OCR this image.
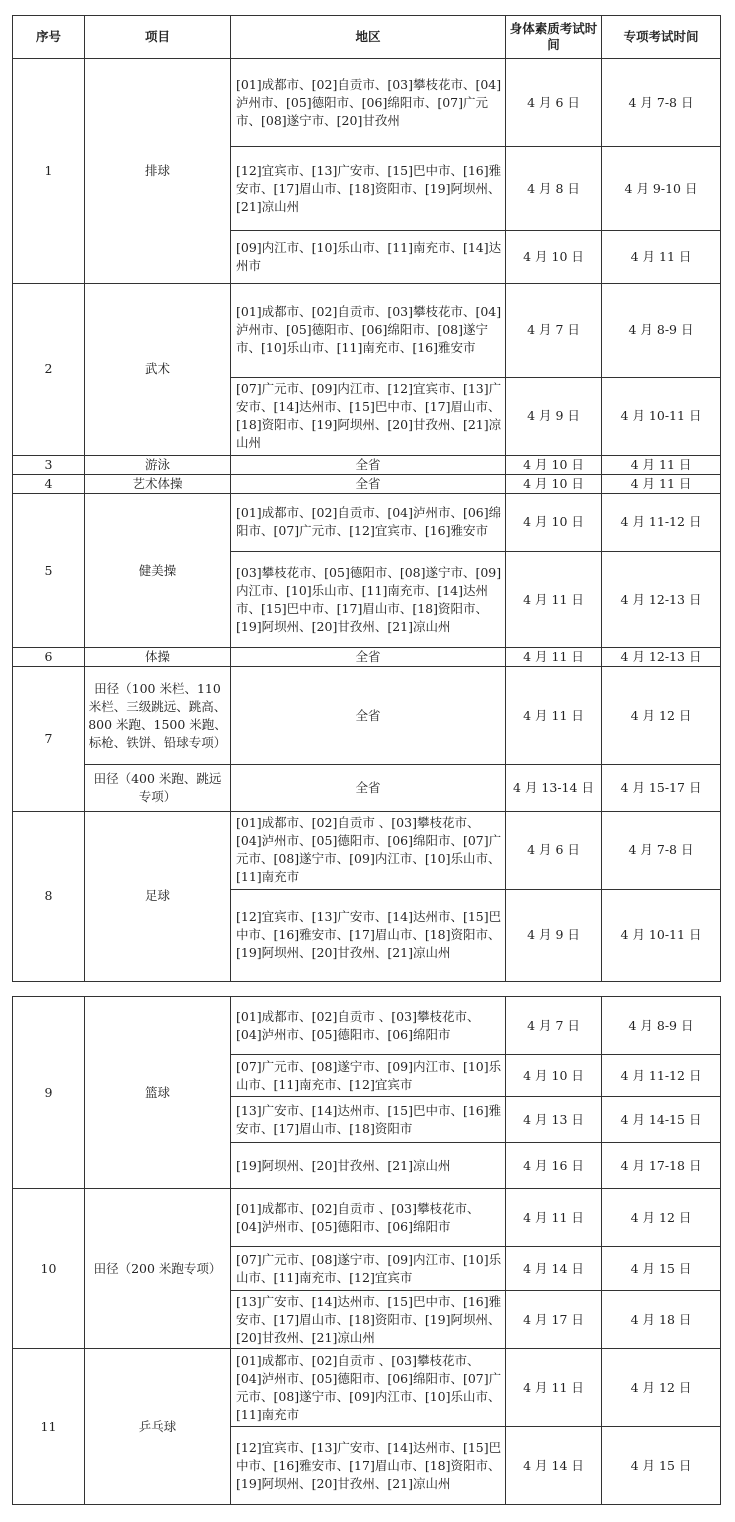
序号	项目	地区	身体素质考试时间	专项考试时间
1	排球	[01]成都市、[02]自贡市、[03]攀枝花市、[04]泸州市、[05]德阳市、[06]绵阳市、[07]广元市、[08]遂宁市、[20]甘孜州	4 月 6 日	4 月 7-8 日
		[12]宜宾市、[13]广安市、[15]巴中市、[16]雅安市、[17]眉山市、[18]资阳市、[19]阿坝州、[21]凉山州	4 月 8 日	4 月 9-10 日
		[09]内江市、[10]乐山市、[11]南充市、[14]达州市	4 月 10 日	4 月 11 日
2	武术	[01]成都市、[02]自贡市、[03]攀枝花市、[04]泸州市、[05]德阳市、[06]绵阳市、[08]遂宁市、[10]乐山市、[11]南充市、[16]雅安市	4 月 7 日	4 月 8-9 日
		[07]广元市、[09]内江市、[12]宜宾市、[13]广安市、[14]达州市、[15]巴中市、[17]眉山市、[18]资阳市、[19]阿坝州、[20]甘孜州、[21]凉山州	4 月 9 日	4 月 10-11 日
3	游泳	全省	4 月 10 日	4 月 11 日
4	艺术体操	全省	4 月 10 日	4 月 11 日
5	健美操	[01]成都市、[02]自贡市、[04]泸州市、[06]绵阳市、[07]广元市、[12]宜宾市、[16]雅安市	4 月 10 日	4 月 11-12 日
		[03]攀枝花市、[05]德阳市、[08]遂宁市、[09]内江市、[10]乐山市、[11]南充市、[14]达州市、[15]巴中市、[17]眉山市、[18]资阳市、[19]阿坝州、[20]甘孜州、[21]凉山州	4 月 11 日	4 月 12-13 日
6	体操	全省	4 月 11 日	4 月 12-13 日
7	田径（100 米栏、110 米栏、三级跳远、跳高、800 米跑、1500 米跑、标枪、铁饼、铅球专项）	全省	4 月 11 日	4 月 12 日
	田径（400 米跑、跳远专项）	全省	4 月 13-14 日	4 月 15-17 日
8	足球	[01]成都市、[02]自贡市 、[03]攀枝花市、[04]泸州市、[05]德阳市、[06]绵阳市、[07]广元市、[08]遂宁市、[09]内江市、[10]乐山市、[11]南充市	4 月 6 日	4 月 7-8 日
		[12]宜宾市、[13]广安市、[14]达州市、[15]巴中市、[16]雅安市、[17]眉山市、[18]资阳市、[19]阿坝州、[20]甘孜州、[21]凉山州	4 月 9 日	4 月 10-11 日
9	篮球	[01]成都市、[02]自贡市 、[03]攀枝花市、[04]泸州市、[05]德阳市、[06]绵阳市	4 月 7 日	4 月 8-9 日
		[07]广元市、[08]遂宁市、[09]内江市、[10]乐山市、[11]南充市、[12]宜宾市	4 月 10 日	4 月 11-12 日
		[13]广安市、[14]达州市、[15]巴中市、[16]雅安市、[17]眉山市、[18]资阳市	4 月 13 日	4 月 14-15 日
		[19]阿坝州、[20]甘孜州、[21]凉山州	4 月 16 日	4 月 17-18 日
10	田径（200 米跑专项）	[01]成都市、[02]自贡市 、[03]攀枝花市、[04]泸州市、[05]德阳市、[06]绵阳市	4 月 11 日	4 月 12 日
		[07]广元市、[08]遂宁市、[09]内江市、[10]乐山市、[11]南充市、[12]宜宾市	4 月 14 日	4 月 15 日
		[13]广安市、[14]达州市、[15]巴中市、[16]雅安市、[17]眉山市、[18]资阳市、[19]阿坝州、[20]甘孜州、[21]凉山州	4 月 17 日	4 月 18 日
11	乒乓球	[01]成都市、[02]自贡市 、[03]攀枝花市、[04]泸州市、[05]德阳市、[06]绵阳市、[07]广元市、[08]遂宁市、[09]内江市、[10]乐山市、[11]南充市	4 月 11 日	4 月 12 日
		[12]宜宾市、[13]广安市、[14]达州市、[15]巴中市、[16]雅安市、[17]眉山市、[18]资阳市、[19]阿坝州、[20]甘孜州、[21]凉山州	4 月 14 日	4 月 15 日
